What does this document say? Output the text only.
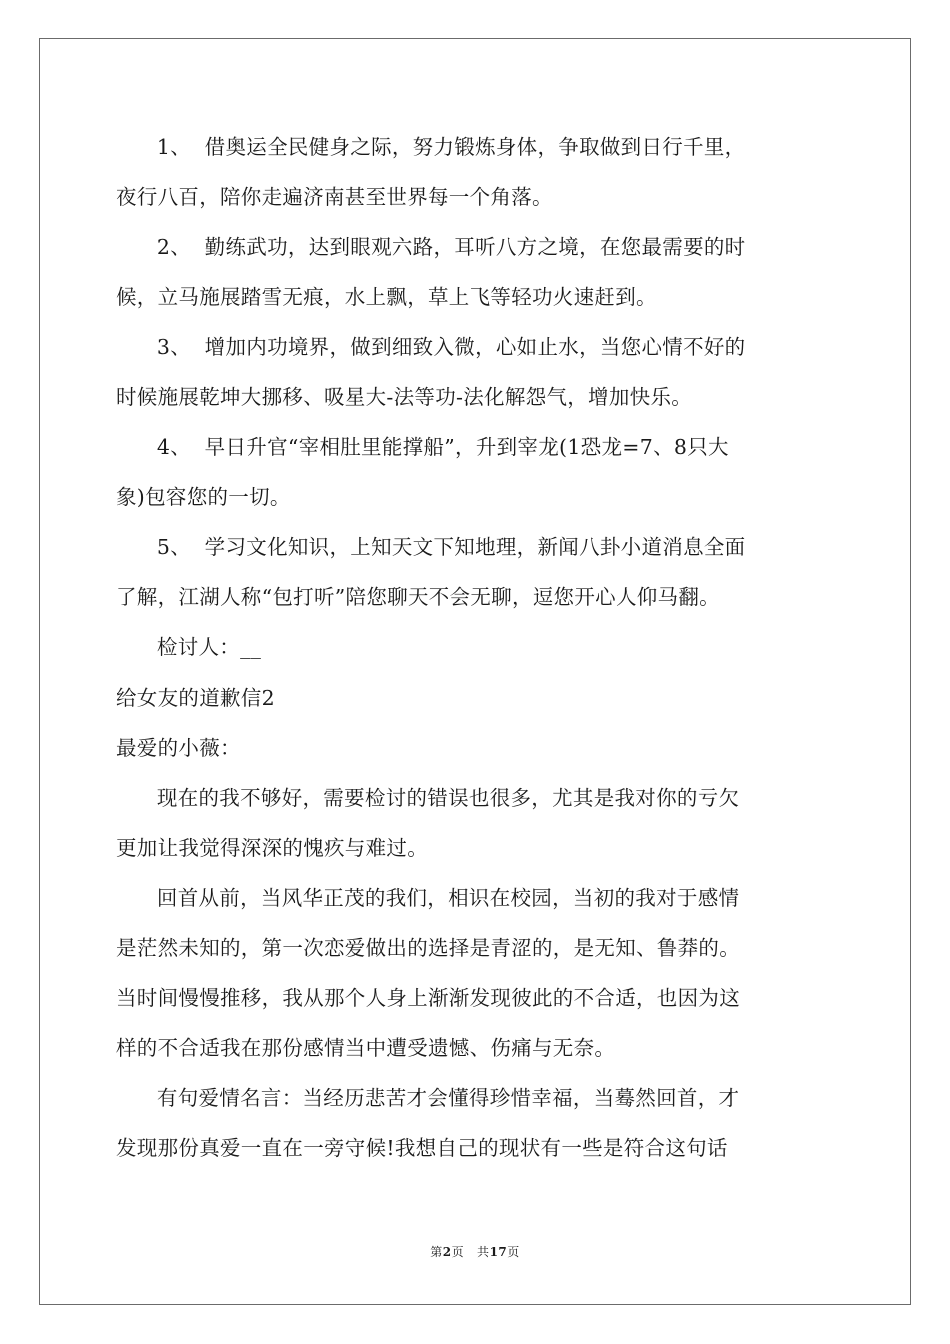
1、  借奥运全民健身之际，努力锻炼身体，争取做到日行千里，
夜行八百，陪你走遍济南甚至世界每一个角落。
2、  勤练武功，达到眼观六路，耳听八方之境，在您最需要的时
候，立马施展踏雪无痕，水上飘，草上飞等轻功火速赶到。
3、  增加内功境界，做到细致入微，心如止水，当您心情不好的
时候施展乾坤大挪移、吸星大-法等功-法化解怨气，增加快乐。
4、  早日升官“宰相肚里能撑船”，升到宰龙(1恐龙=7、8只大
象)包容您的一切。
5、  学习文化知识，上知天文下知地理，新闻八卦小道消息全面
了解，江湖人称“包打听”陪您聊天不会无聊，逗您开心人仰马翻。
检讨人：__
给女友的道歉信2
最爱的小薇：
现在的我不够好，需要检讨的错误也很多，尤其是我对你的亏欠
更加让我觉得深深的愧疚与难过。
回首从前，当风华正茂的我们，相识在校园，当初的我对于感情
是茫然未知的，第一次恋爱做出的选择是青涩的，是无知、鲁莽的。
当时间慢慢推移，我从那个人身上渐渐发现彼此的不合适，也因为这
样的不合适我在那份感情当中遭受遗憾、伤痛与无奈。
有句爱情名言：当经历悲苦才会懂得珍惜幸福，当蓦然回首，才
发现那份真爱一直在一旁守候!我想自己的现状有一些是符合这句话
第2页 共17页
